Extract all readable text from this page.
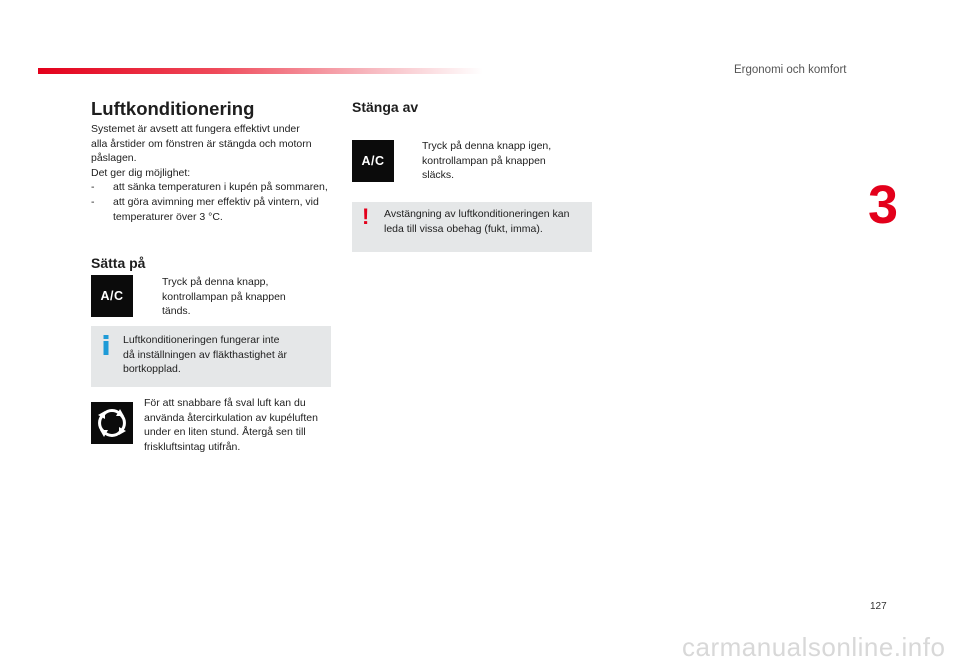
Ergonomi och komfort
3
Luftkonditionering
Systemet är avsett att fungera effektivt under
alla årstider om fönstren är stängda och motorn
påslagen.
Det ger dig möjlighet:
-	att sänka temperaturen i kupén på sommaren,
-	att göra avimning mer effektiv på vintern, vid temperaturer över 3 °C.
Sätta på
A/C
Tryck på denna knapp,
kontrollampan på knappen
tänds.
Luftkonditioneringen fungerar inte
då inställningen av fläkthastighet är
bortkopplad.
För att snabbare få sval luft kan du
använda återcirkulation av kupéluften
under en liten stund. Återgå sen till
friskluftsintag utifrån.
Stänga av
A/C
Tryck på denna knapp igen,
kontrollampan på knappen
släcks.
! Avstängning av luftkonditioneringen kan
leda till vissa obehag (fukt, imma).
127
carmanualsonline.info
